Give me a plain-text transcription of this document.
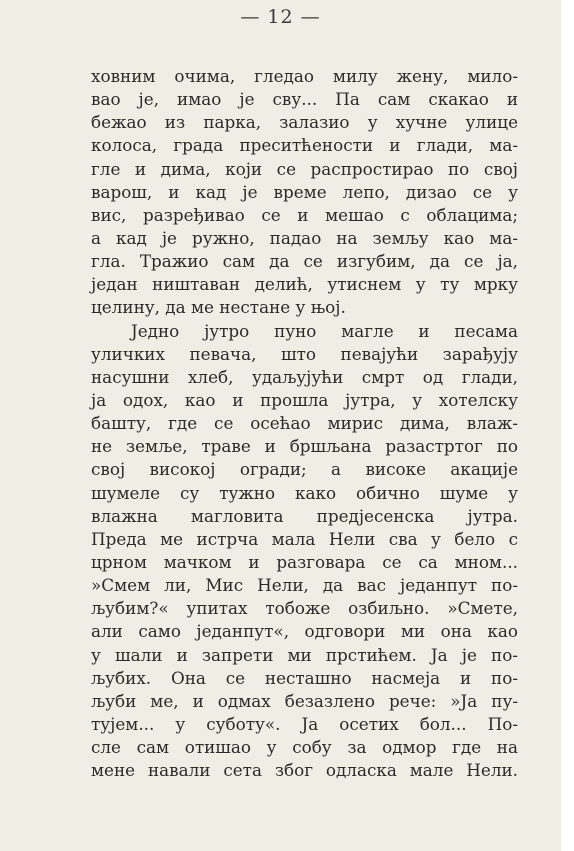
— 12 —
ховним очима, гледао милу жену, мило-
вао је, имао је сву... Па сам скакао и
бежао из парка, залазио у хучне улице
колоса, града преситћености и глади, ма-
гле и дима, који се распростирао по свој
варош, и кад је време лепо, дизао се у
вис, разређивао се и мешао с облацима;
а кад је ружно, падао на земљу као ма-
гла. Тражио сам да се изгубим, да се ја,
један ништаван делић, утиснем у ту мрку
целину, да ме нестане у њој.
Једно јутро пуно магле и песама
уличких певача, што певајући зарађују
насушни хлеб, удаљујући смрт од глади,
ја одох, као и прошла јутра, у хотелску
башту, где се осећао мирис дима, влаж-
не земље, траве и бршљана разастртог по
свој високој огради; а високе акације
шумеле су тужно како обично шуме у
влажна магловита предјесенска јутра.
Преда ме истрча мала Нели сва у бело с
црном мачком и разговара се са мном...
»Смем ли, Мис Нели, да вас једанпут по-
љубим?« упитах тобоже озбиљно. »Смете,
али само једанпут«, одговори ми она као
у шали и запрети ми прстићем. Ја је по-
љубих. Она се несташно насмеја и по-
љуби ме, и одмах безазлено рече: »Ја пу-
тујем... у суботу«. Ја осетих бол... По-
сле сам отишао у собу за одмор где на
мене навали сета због одласка мале Нели.
